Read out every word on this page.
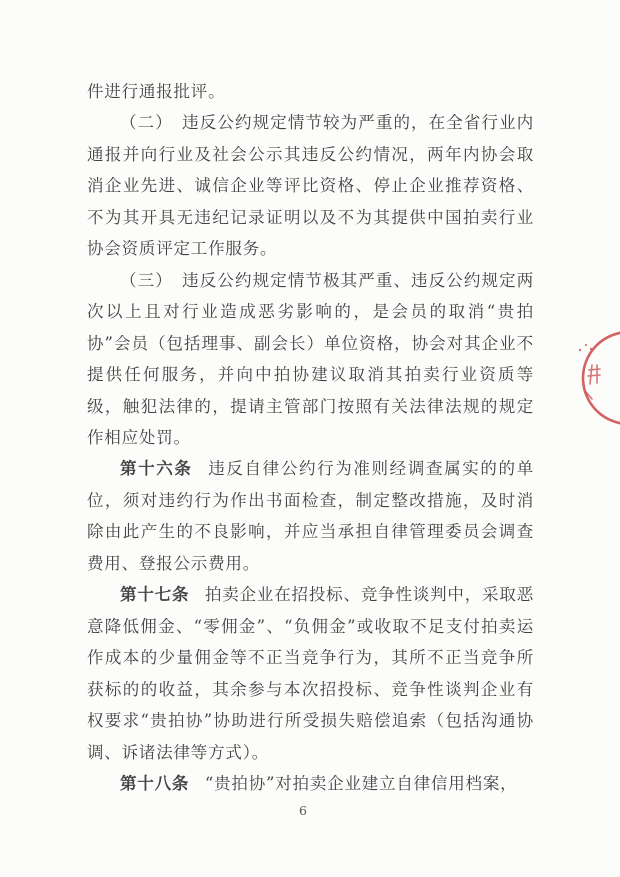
件进行通报批评。

（二）　违反公约规定情节较为严重的，在全省行业内通报并向行业及社会公示其违反公约情况，两年内协会取消企业先进、诚信企业等评比资格、停止企业推荐资格、不为其开具无违纪记录证明以及不为其提供中国拍卖行业协会资质评定工作服务。

（三）　违反公约规定情节极其严重、违反公约规定两次以上且对行业造成恶劣影响的，是会员的取消“贵拍协”会员（包括理事、副会长）单位资格，协会对其企业不提供任何服务，并向中拍协建议取消其拍卖行业资质等级，触犯法律的，提请主管部门按照有关法律法规的规定作相应处罚。

第十六条 违反自律公约行为准则经调查属实的的单位，须对违约行为作出书面检查，制定整改措施，及时消除由此产生的不良影响，并应当承担自律管理委员会调查费用、登报公示费用。

第十七条 拍卖企业在招投标、竞争性谈判中，采取恶意降低佣金、“零佣金”、“负佣金”或收取不足支付拍卖运作成本的少量佣金等不正当竞争行为，其所不正当竞争所获标的的收益，其余参与本次招投标、竞争性谈判企业有权要求“贵拍协”协助进行所受损失赔偿追索（包括沟通协调、诉诸法律等方式）。

第十八条 “贵拍协”对拍卖企业建立自律信用档案，

6
